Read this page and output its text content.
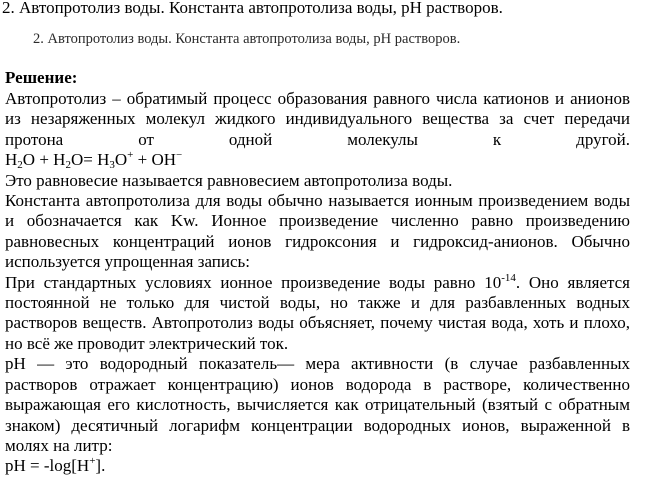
2. Автопротолиз воды. Константа автопротолиза воды, pH растворов.
2. Автопротолиз воды. Константа автопротолиза воды, pH растворов.
Решение:

Автопротолиз – обратимый процесс образования равного числа катионов и анионов из незаряженных молекул жидкого индивидуального вещества за счет передачи протона от одной молекулы к другой.

$H_2O + H_2O= H_3O^+ + OH^-$

Это равновесие называется равновесием автопротолиза воды.

Константа автопротолиза для воды обычно называется ионным произведением воды и обозначается как Kw. Ионное произведение численно равно произведению равновесных концентраций ионов гидроксония и гидроксид-анионов. Обычно используется упрощенная запись:

При стандартных условиях ионное произведение воды равно $10^{-14}$. Оно является постоянной не только для чистой воды, но также и для разбавленных водных растворов веществ. Автопротолиз воды объясняет, почему чистая вода, хоть и плохо, но всё же проводит электрический ток.

pH — это водородный показатель— мера активности (в случае разбавленных растворов отражает концентрацию) ионов водорода в растворе, количественно выражающая его кислотность, вычисляется как отрицательный (взятый с обратным знаком) десятичный логарифм концентрации водородных ионов, выраженной в молях на литр:

pH = -log[H+].
